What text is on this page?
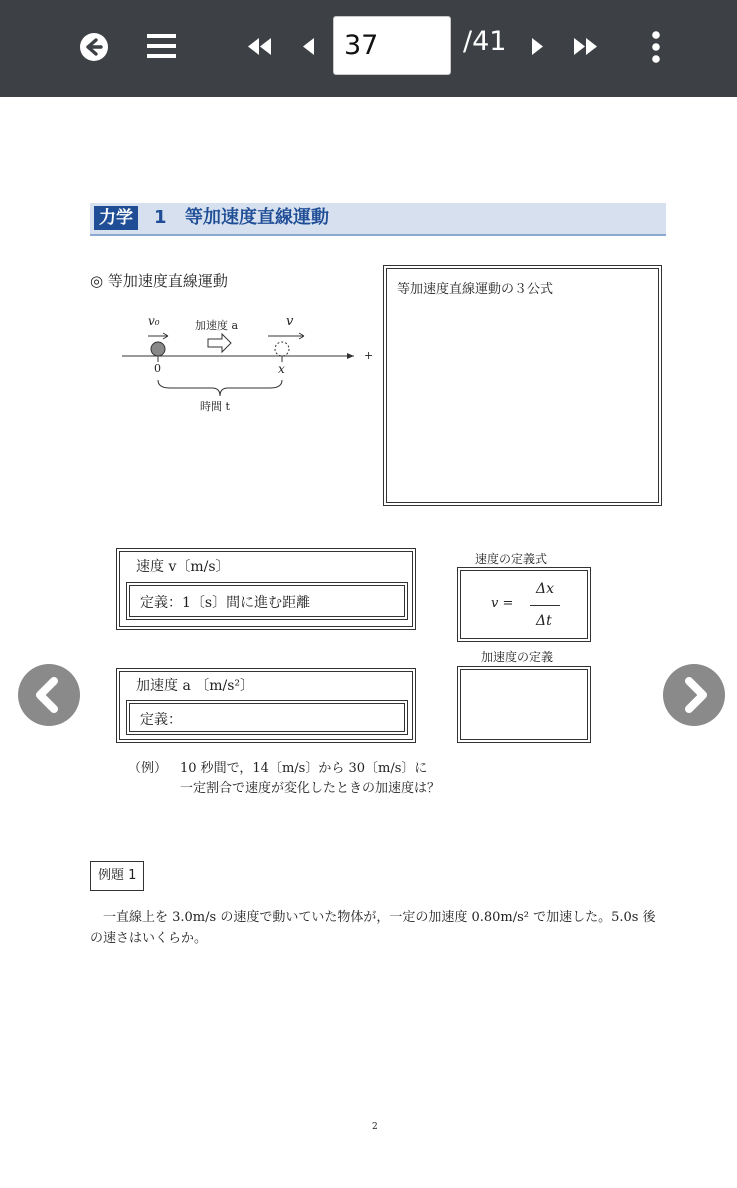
37
/41
力学 1 等加速度直線運動
◎ 等加速度直線運動
v₀	加速度 a	v
+
0	x
時間 t
等加速度直線運動の３公式
速度 v〔m/s〕
定義：1〔s〕間に進む距離
速度の定義式
v =
Δx
Δt
加速度の定義
加速度 a 〔m/s²〕
定義：
（例） 10 秒間で，14〔m/s〕から 30〔m/s〕に
一定割合で速度が変化したときの加速度は？
例題 1
　一直線上を 3.0m/s の速度で動いていた物体が，一定の加速度 0.80m/s² で加速した。5.0s 後の速さはいくらか。
2
